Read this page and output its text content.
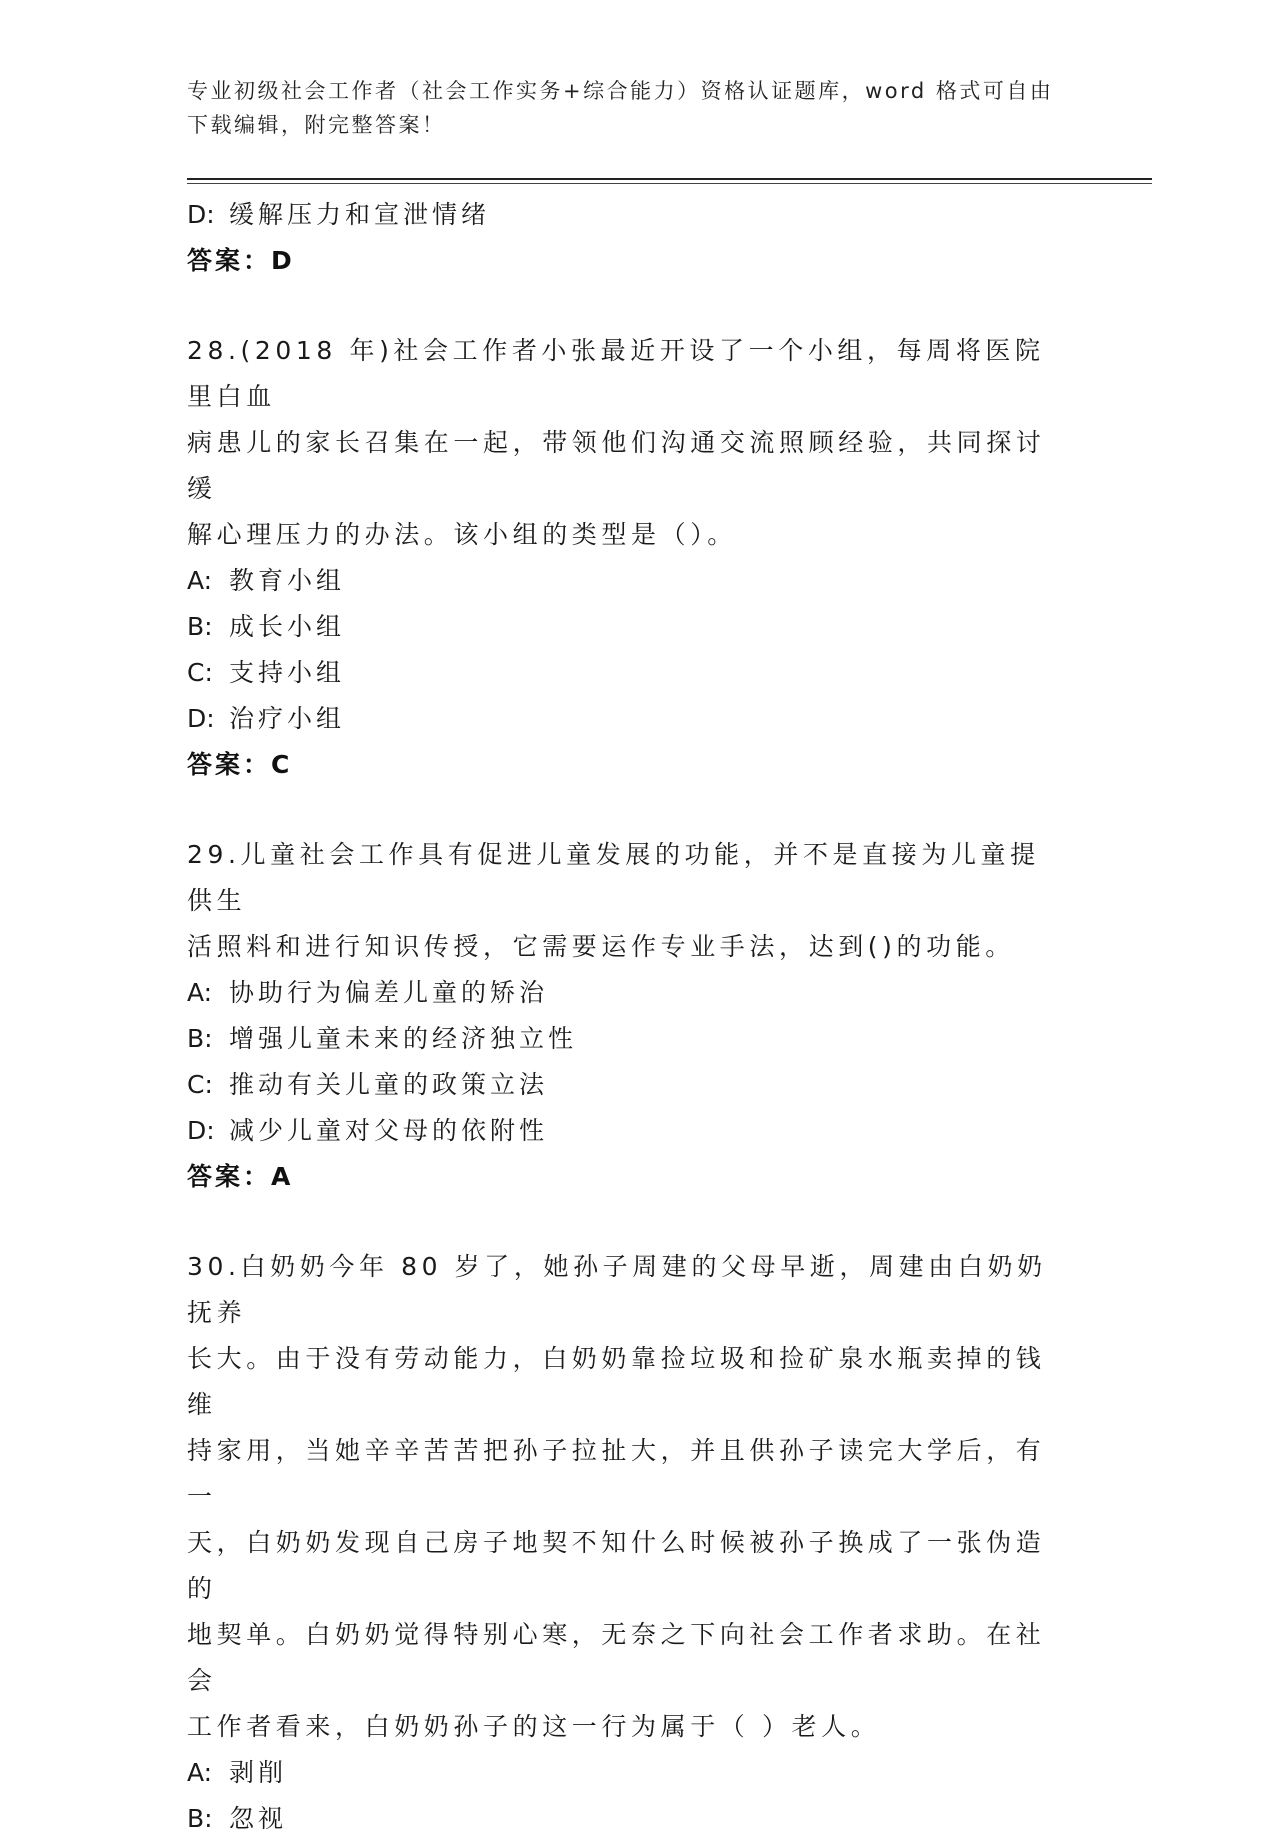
专业初级社会工作者（社会工作实务+综合能力）资格认证题库，word 格式可自由
下载编辑，附完整答案！
D: 缓解压力和宣泄情绪
答案：D
28.(2018 年)社会工作者小张最近开设了一个小组，每周将医院里白血
病患儿的家长召集在一起，带领他们沟通交流照顾经验，共同探讨缓
解心理压力的办法。该小组的类型是（）。
A: 教育小组
B: 成长小组
C: 支持小组
D: 治疗小组
答案：C
29.儿童社会工作具有促进儿童发展的功能，并不是直接为儿童提供生
活照料和进行知识传授，它需要运作专业手法，达到()的功能。
A: 协助行为偏差儿童的矫治
B: 增强儿童未来的经济独立性
C: 推动有关儿童的政策立法
D: 减少儿童对父母的依附性
答案：A
30.白奶奶今年 80 岁了，她孙子周建的父母早逝，周建由白奶奶抚养
长大。由于没有劳动能力，白奶奶靠捡垃圾和捡矿泉水瓶卖掉的钱维
持家用，当她辛辛苦苦把孙子拉扯大，并且供孙子读完大学后，有一
天，白奶奶发现自己房子地契不知什么时候被孙子换成了一张伪造的
地契单。白奶奶觉得特别心寒，无奈之下向社会工作者求助。在社会
工作者看来，白奶奶孙子的这一行为属于（ ）老人。
A: 剥削
B: 忽视
